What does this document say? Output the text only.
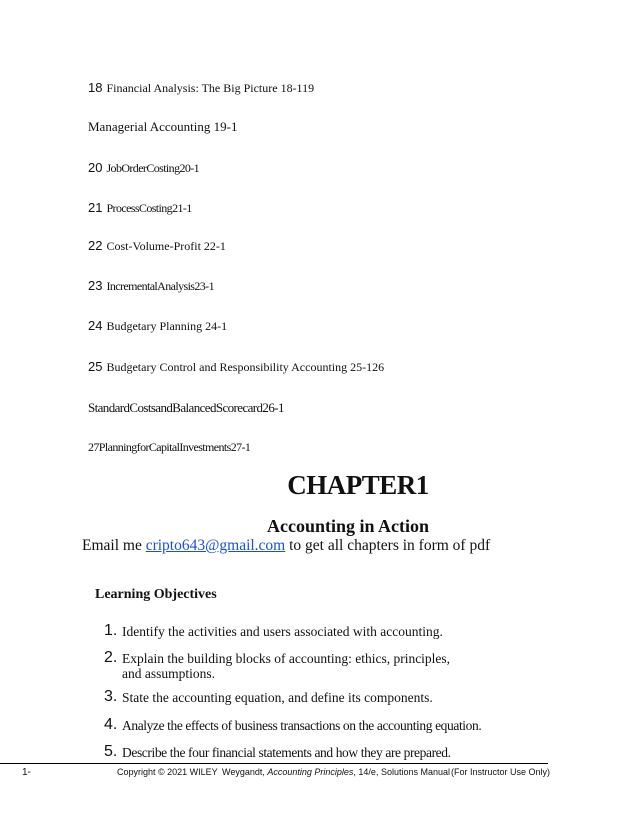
18 Financial Analysis: The Big Picture 18-119
Managerial Accounting 19-1
20 JobOrderCosting20-1
21 ProcessCosting21-1
22 Cost-Volume-Profit 22-1
23 IncrementalAnalysis23-1
24 Budgetary Planning 24-1
25 Budgetary Control and Responsibility Accounting 25-126
StandardCostsandBalancedScorecard26-1
27PlanningforCapitalInvestments27-1
CHAPTER1
Accounting in Action
Email me cripto643@gmail.com to get all chapters in form of pdf
Learning Objectives
1. Identify the activities and users associated with accounting.
2. Explain the building blocks of accounting: ethics, principles, and assumptions.
3. State the accounting equation, and define its components.
4. Analyze the effects of business transactions on the accounting equation.
5. Describe the four financial statements and how they are prepared.
1-	Copyright © 2021 WILEY Weygandt, Accounting Principles, 14/e, Solutions Manual (For Instructor Use Only)
